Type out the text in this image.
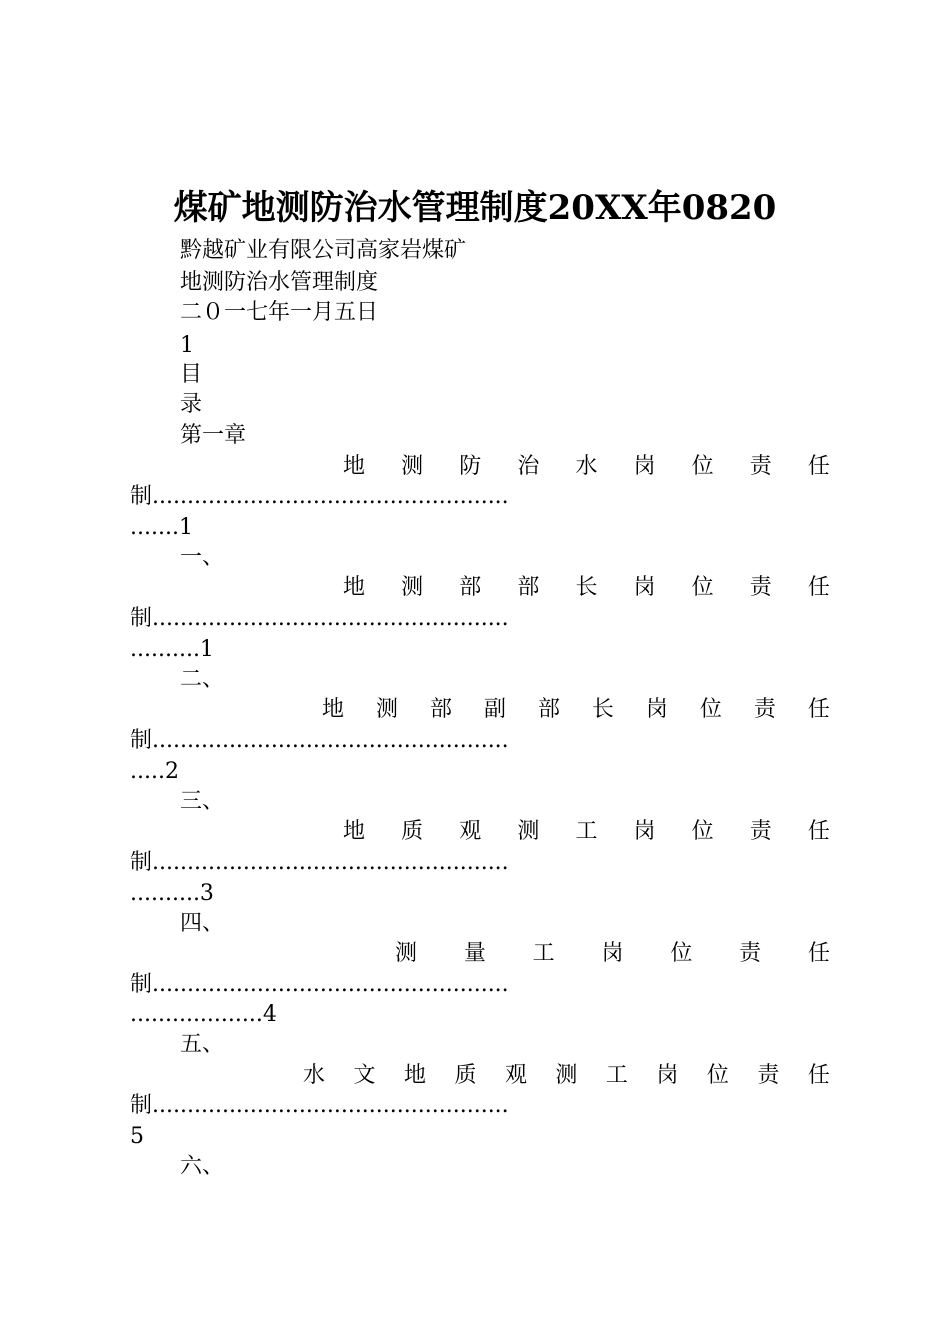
煤矿地测防治水管理制度20XX年0820
黔越矿业有限公司高家岩煤矿
地测防治水管理制度
二０一七年一月五日
1
目
录
第一章
地 测 防 治 水 岗 位 责 任
制...................................................
.......1
一、
地 测 部 部 长 岗 位 责 任
制...................................................
..........1
二、
地 测 部 副 部 长 岗 位 责 任
制...................................................
.....2
三、
地 质 观 测 工 岗 位 责 任
制...................................................
..........3
四、
测 量 工 岗 位 责 任
制...................................................
...................4
五、
水 文 地 质 观 测 工 岗 位 责 任
制...................................................
5
六、
